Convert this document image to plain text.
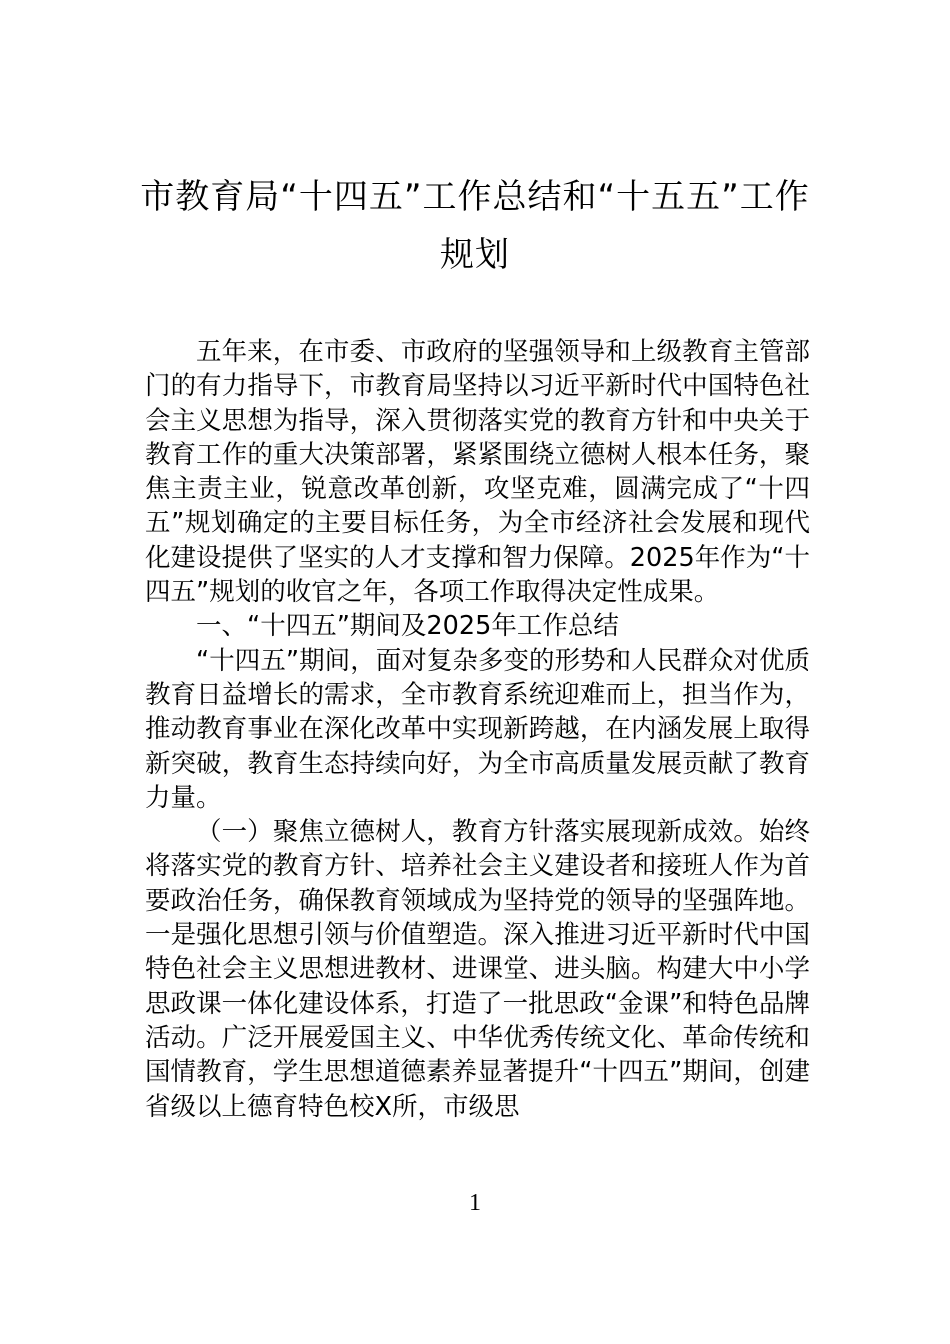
市教育局“十四五”工作总结和“十五五”工作规划

五年来，在市委、市政府的坚强领导和上级教育主管部门的有力指导下，市教育局坚持以习近平新时代中国特色社会主义思想为指导，深入贯彻落实党的教育方针和中央关于教育工作的重大决策部署，紧紧围绕立德树人根本任务，聚焦主责主业，锐意改革创新，攻坚克难，圆满完成了“十四五”规划确定的主要目标任务，为全市经济社会发展和现代化建设提供了坚实的人才支撑和智力保障。2025年作为“十四五”规划的收官之年，各项工作取得决定性成果。

一、“十四五”期间及2025年工作总结

“十四五”期间，面对复杂多变的形势和人民群众对优质教育日益增长的需求，全市教育系统迎难而上，担当作为，推动教育事业在深化改革中实现新跨越，在内涵发展上取得新突破，教育生态持续向好，为全市高质量发展贡献了教育力量。

（一）聚焦立德树人，教育方针落实展现新成效。始终将落实党的教育方针、培养社会主义建设者和接班人作为首要政治任务，确保教育领域成为坚持党的领导的坚强阵地。一是强化思想引领与价值塑造。深入推进习近平新时代中国特色社会主义思想进教材、进课堂、进头脑。构建大中小学思政课一体化建设体系，打造了一批思政“金课”和特色品牌活动。广泛开展爱国主义、中华优秀传统文化、革命传统和国情教育，学生思想道德素养显著提升“十四五”期间，创建省级以上德育特色校X所，市级思

1
